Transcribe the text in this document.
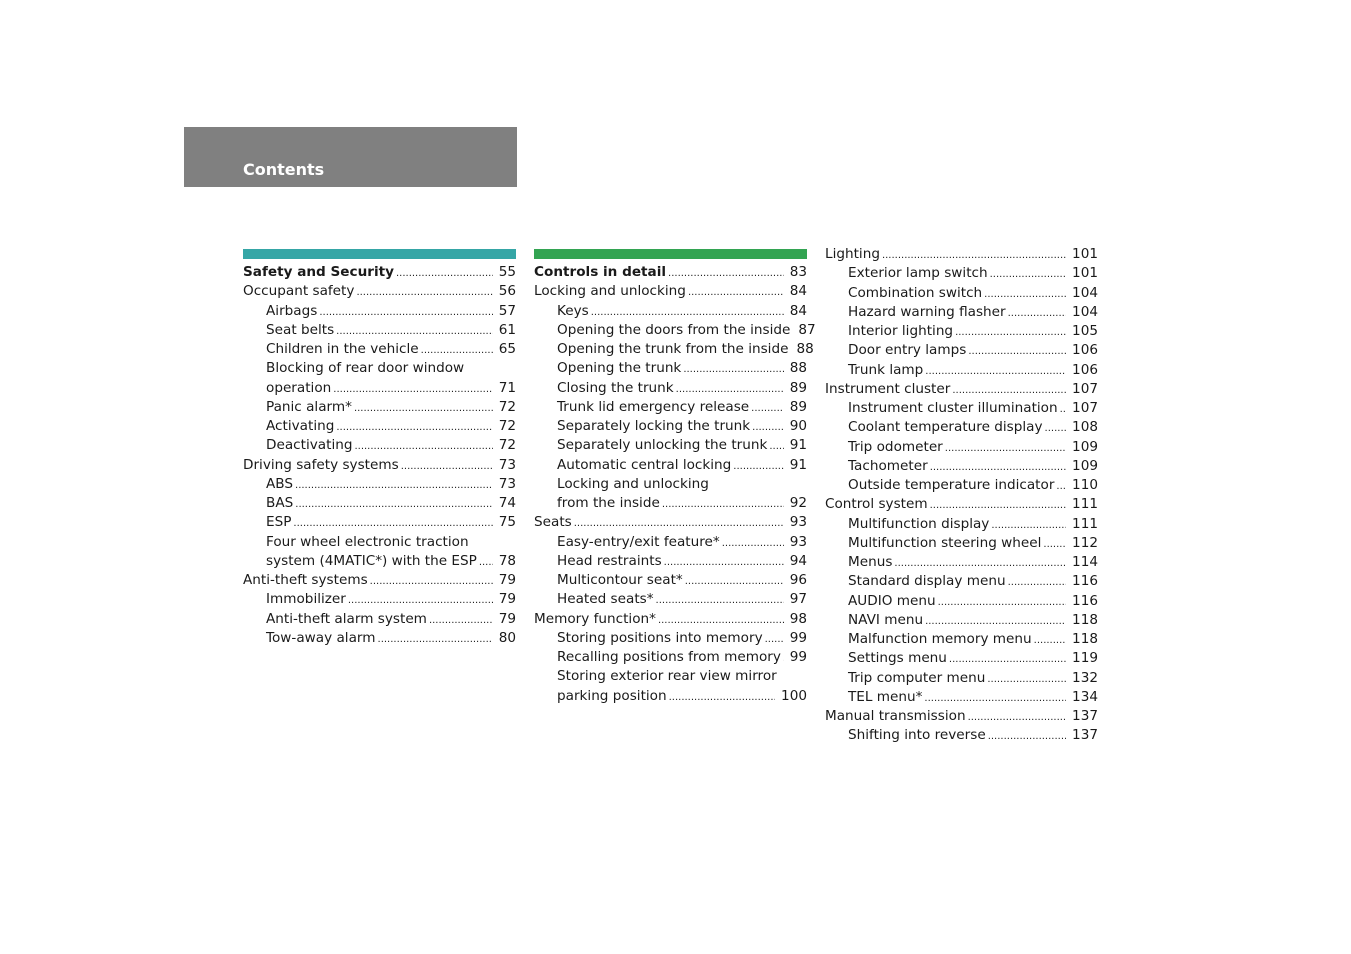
Contents
Safety and Security .....	55
Occupant safety .....	56
Airbags .....	57
Seat belts .....	61
Children in the vehicle .....	65
Blocking of rear door window
operation .....	71
Panic alarm* .....	72
Activating .....	72
Deactivating .....	72
Driving safety systems .....	73
ABS .....	73
BAS .....	74
ESP .....	75
Four wheel electronic traction
system (4MATIC*) with the ESP ..... 78
Anti-theft systems .....	79
Immobilizer .....	79
Anti-theft alarm system .....	79
Tow-away alarm .....	80
Controls in detail .....	83
Locking and unlocking .....	84
Keys .....	84
Opening the doors from the inside 87
Opening the trunk from the inside 88
Opening the trunk .....	88
Closing the trunk .....	89
Trunk lid emergency release .....	89
Separately locking the trunk .....	90
Separately unlocking the trunk ..... 91
Automatic central locking .....	91
Locking and unlocking
from the inside .....	92
Seats .....	93
Easy-entry/exit feature* .....	93
Head restraints .....	94
Multicontour seat* .....	96
Heated seats* .....	97
Memory function* .....	98
Storing positions into memory ..... 99
Recalling positions from memory ..... 99
Storing exterior rear view mirror
parking position .....	100
Lighting .....	101
Exterior lamp switch .....	101
Combination switch .....	104
Hazard warning flasher .....	104
Interior lighting .....	105
Door entry lamps .....	106
Trunk lamp .....	106
Instrument cluster .....	107
Instrument cluster illumination ..... 107
Coolant temperature display ..... 108
Trip odometer .....	109
Tachometer .....	109
Outside temperature indicator ..... 110
Control system .....	111
Multifunction display .....	111
Multifunction steering wheel ..... 112
Menus .....	114
Standard display menu .....	116
AUDIO menu .....	116
NAVI menu .....	118
Malfunction memory menu .....	118
Settings menu .....	119
Trip computer menu .....	132
TEL menu* .....	134
Manual transmission .....	137
Shifting into reverse .....	137
